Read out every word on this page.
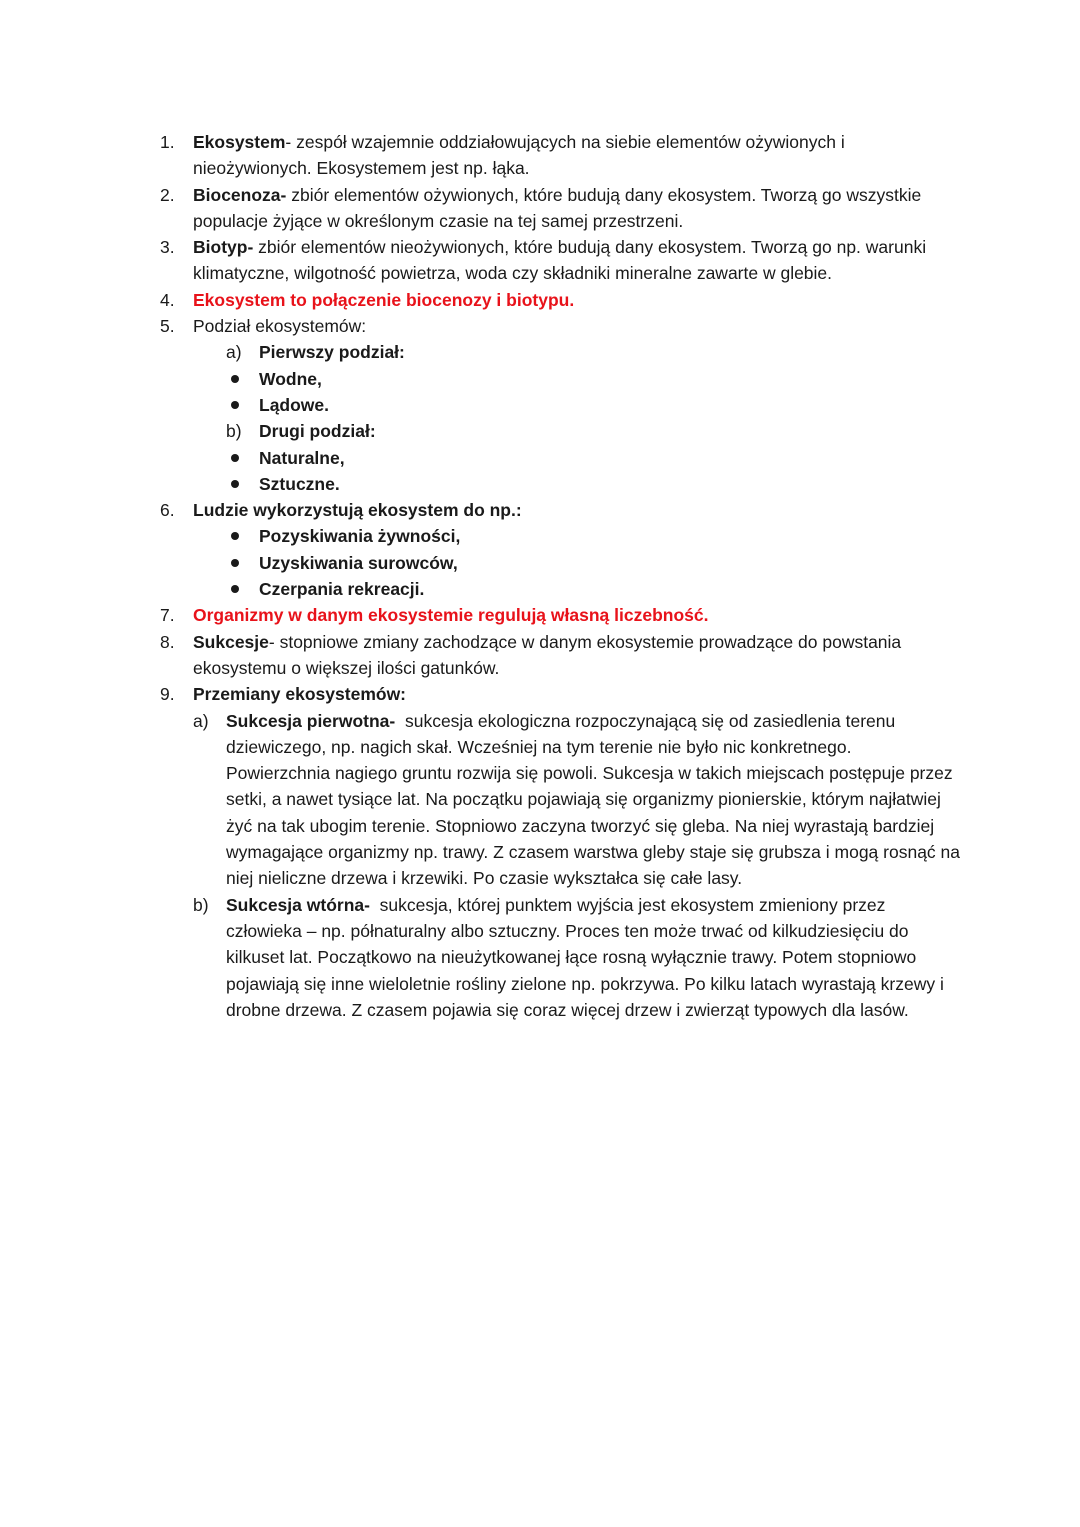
1.	Ekosystem- zespół wzajemnie oddziałowujących na siebie elementów ożywionych i nieożywionych. Ekosystemem jest np. łąka.
2.	Biocenoza- zbiór elementów ożywionych, które budują dany ekosystem. Tworzą go wszystkie populacje żyjące w określonym czasie na tej samej przestrzeni.
3.	Biotyp- zbiór elementów nieożywionych, które budują dany ekosystem. Tworzą go np. warunki klimatyczne, wilgotność powietrza, woda czy składniki mineralne zawarte w glebie.
4.	Ekosystem to połączenie biocenozy i biotypu.
5.	Podział ekosystemów:
a) Pierwszy podział:
Wodne,
Lądowe.
b) Drugi podział:
Naturalne,
Sztuczne.
6.	Ludzie wykorzystują ekosystem do np.:
Pozyskiwania żywności,
Uzyskiwania surowców,
Czerpania rekreacji.
7.	Organizmy w danym ekosystemie regulują własną liczebność.
8.	Sukcesje- stopniowe zmiany zachodzące w danym ekosystemie prowadzące do powstania ekosystemu o większej ilości gatunków.
9.	Przemiany ekosystemów:
a) Sukcesja pierwotna-  sukcesja ekologiczna rozpoczynającą się od zasiedlenia terenu dziewiczego, np. nagich skał. Wcześniej na tym terenie nie było nic konkretnego. Powierzchnia nagiego gruntu rozwija się powoli. Sukcesja w takich miejscach postępuje przez setki, a nawet tysiące lat. Na początku pojawiają się organizmy pionierskie, którym najłatwiej żyć na tak ubogim terenie. Stopniowo zaczyna tworzyć się gleba. Na niej wyrastają bardziej wymagające organizmy np. trawy. Z czasem warstwa gleby staje się grubsza i mogą rosnąć na niej nieliczne drzewa i krzewiki. Po czasie wykształca się całe lasy.
b) Sukcesja wtórna-  sukcesja, której punktem wyjścia jest ekosystem zmieniony przez człowieka – np. półnaturalny albo sztuczny. Proces ten może trwać od kilkudziesięciu do kilkuset lat. Początkowo na nieużytkowanej łące rosną wyłącznie trawy. Potem stopniowo pojawiają się inne wieloletnie rośliny zielone np. pokrzywa. Po kilku latach wyrastają krzewy i drobne drzewa. Z czasem pojawia się coraz więcej drzew i zwierząt typowych dla lasów.
